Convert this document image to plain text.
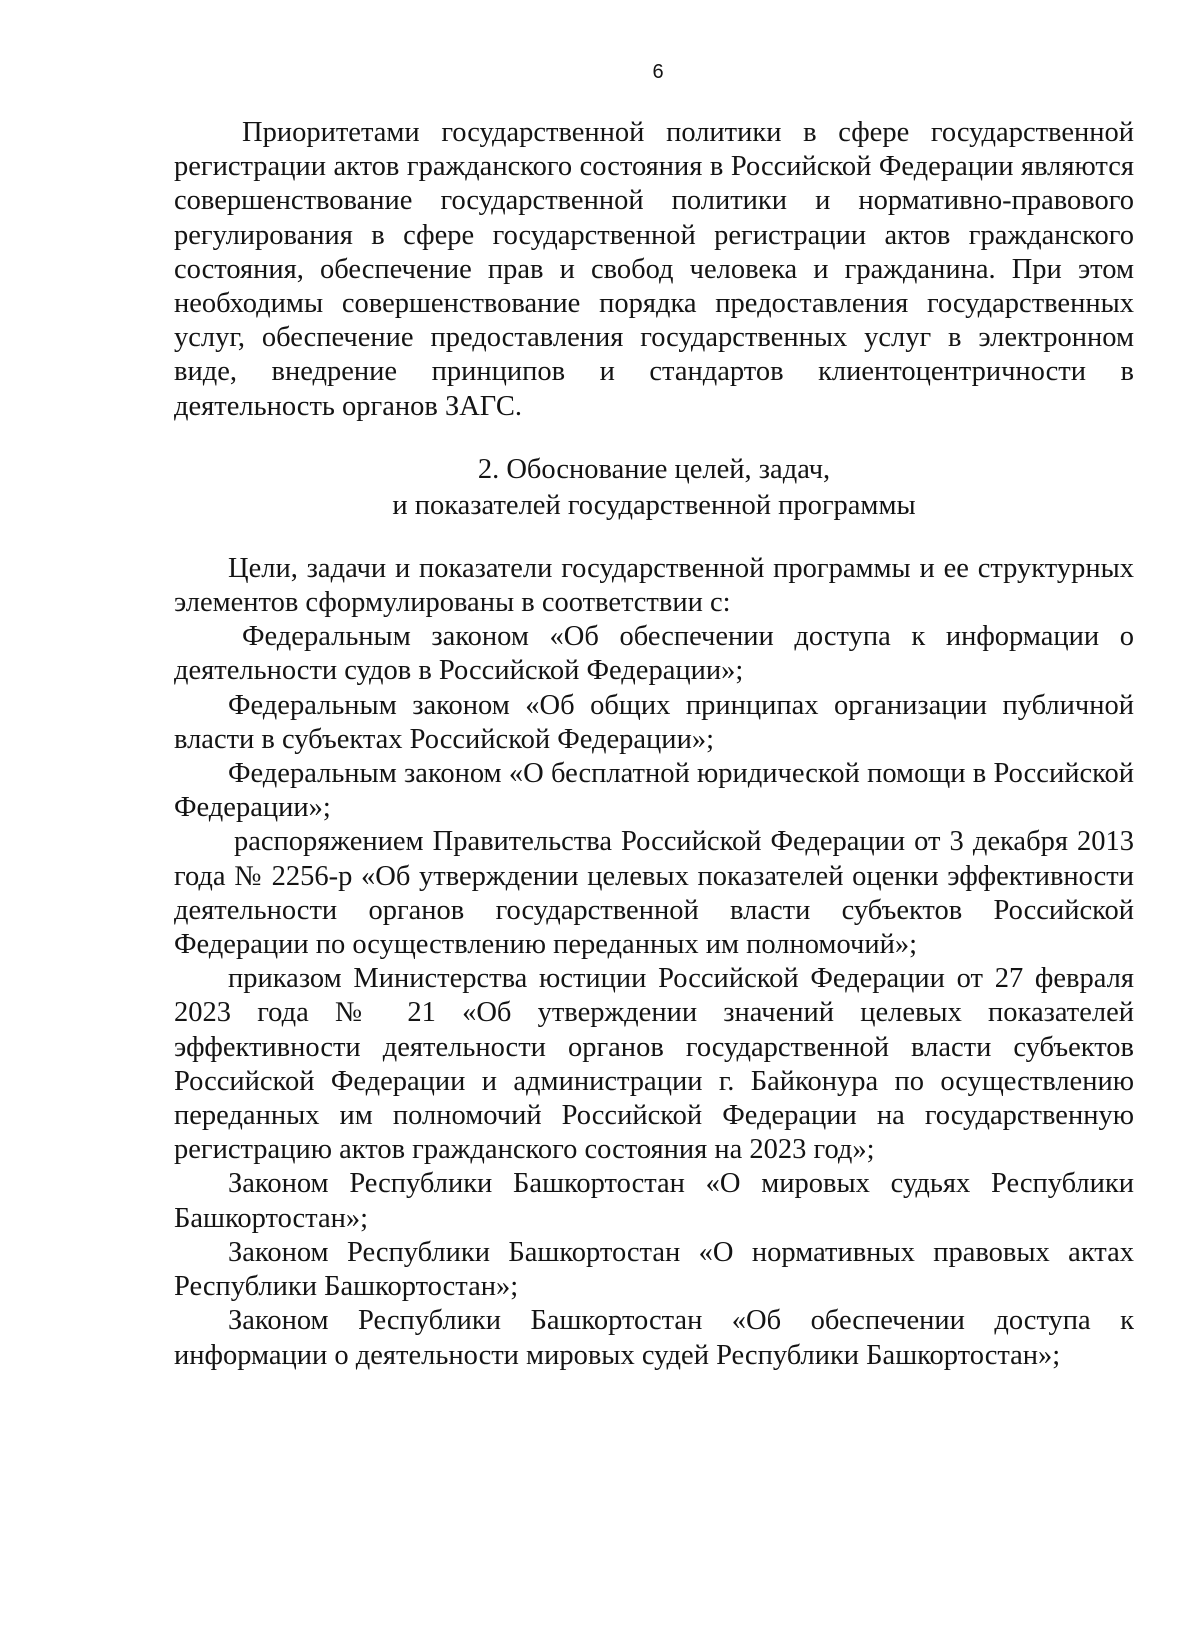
6

Приоритетами государственной политики в сфере государственной регистрации актов гражданского состояния в Российской Федерации являются совершенствование государственной политики и нормативно-правового регулирования в сфере государственной регистрации актов гражданского состояния, обеспечение прав и свобод человека и гражданина. При этом необходимы совершенствование порядка предоставления государственных услуг, обеспечение предоставления государственных услуг в электронном виде, внедрение принципов и стандартов клиентоцентричности в деятельность органов ЗАГС.

2. Обоснование целей, задач,
и показателей государственной программы

Цели, задачи и показатели государственной программы и ее структурных элементов сформулированы в соответствии с:

Федеральным законом «Об обеспечении доступа к информации о деятельности судов в Российской Федерации»;

Федеральным законом «Об общих принципах организации публичной власти в субъектах Российской Федерации»;

Федеральным законом «О бесплатной юридической помощи в Российской Федерации»;

распоряжением Правительства Российской Федерации от 3 декабря 2013 года № 2256-р «Об утверждении целевых показателей оценки эффективности деятельности органов государственной власти субъектов Российской Федерации по осуществлению переданных им полномочий»;

приказом Министерства юстиции Российской Федерации от 27 февраля 2023 года № 21 «Об утверждении значений целевых показателей эффективности деятельности органов государственной власти субъектов Российской Федерации и администрации г. Байконура по осуществлению переданных им полномочий Российской Федерации на государственную регистрацию актов гражданского состояния на 2023 год»;

Законом Республики Башкортостан «О мировых судьях Республики Башкортостан»;

Законом Республики Башкортостан «О нормативных правовых актах Республики Башкортостан»;

Законом Республики Башкортостан «Об обеспечении доступа к информации о деятельности мировых судей Республики Башкортостан»;
